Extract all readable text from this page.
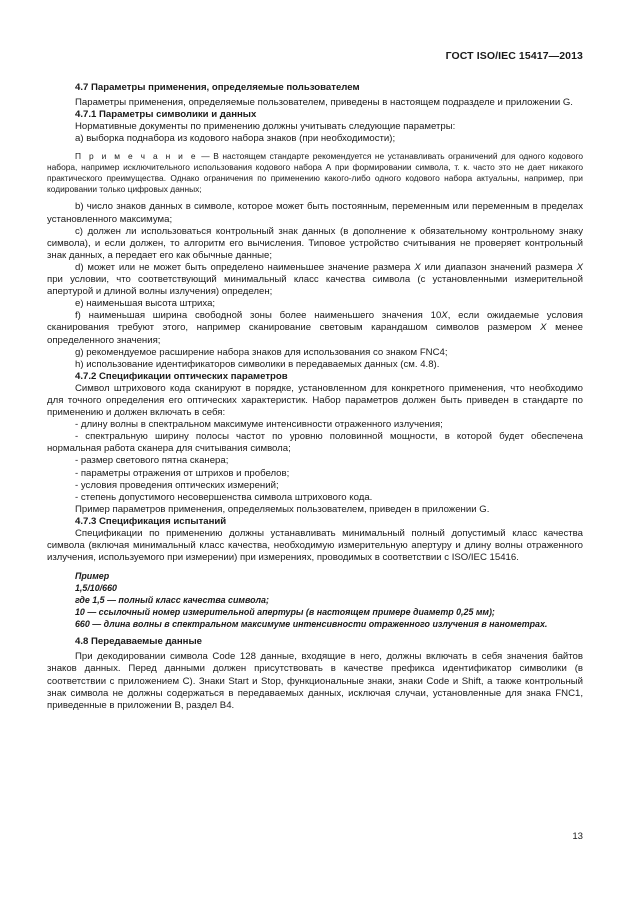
ГОСТ ISO/IEC 15417—2013

4.7 Параметры применения, определяемые пользователем

Параметры применения, определяемые пользователем, приведены в настоящем подразделе и приложении G.

4.7.1 Параметры символики и данных

Нормативные документы по применению должны учитывать следующие параметры:

а) выборка поднабора из кодового набора знаков (при необходимости);

П р и м е ч а н и е — В настоящем стандарте рекомендуется не устанавливать ограничений для одного кодового набора, например исключительного использования кодового набора А при формировании символа, т. к. часто это не дает никакого практического преимущества. Однако ограничения по применению какого-либо одного кодового набора актуальны, например, при кодировании только цифровых данных;

b) число знаков данных в символе, которое может быть постоянным, переменным или переменным в пределах установленного максимума;

с) должен ли использоваться контрольный знак данных (в дополнение к обязательному контрольному знаку символа), и если должен, то алгоритм его вычисления. Типовое устройство считывания не проверяет контрольный знак данных, а передает его как обычные данные;

d) может или не может быть определено наименьшее значение размера X или диапазон значений размера X при условии, что соответствующий минимальный класс качества символа (с установленными измерительной апертурой и длиной волны излучения) определен;

е) наименьшая высота штриха;

f) наименьшая ширина свободной зоны более наименьшего значения 10X, если ожидаемые условия сканирования требуют этого, например сканирование световым карандашом символов размером X менее определенного значения;

g) рекомендуемое расширение набора знаков для использования со знаком FNC4;

h) использование идентификаторов символики в передаваемых данных (см. 4.8).

4.7.2 Спецификации оптических параметров

Символ штрихового кода сканируют в порядке, установленном для конкретного применения, что необходимо для точного определения его оптических характеристик. Набор параметров должен быть приведен в стандарте по применению и должен включать в себя:

- длину волны в спектральном максимуме интенсивности отраженного излучения;

- спектральную ширину полосы частот по уровню половинной мощности, в которой будет обеспечена нормальная работа сканера для считывания символа;

- размер светового пятна сканера;

- параметры отражения от штрихов и пробелов;

- условия проведения оптических измерений;

- степень допустимого несовершенства символа штрихового кода.

Пример параметров применения, определяемых пользователем, приведен в приложении G.

4.7.3 Спецификация испытаний

Спецификации по применению должны устанавливать минимальный полный допустимый класс качества символа (включая минимальный класс качества, необходимую измерительную апертуру и длину волны отраженного излучения, используемого при измерении) при измерениях, проводимых в соответствии с ISO/IEC 15416.

Пример

1,5/10/660

где 1,5 — полный класс качества символа;

10 — ссылочный номер измерительной апертуры (в настоящем примере диаметр 0,25 мм);

660 — длина волны в спектральном максимуме интенсивности отраженного излучения в нанометрах.

4.8 Передаваемые данные

При декодировании символа Code 128 данные, входящие в него, должны включать в себя значения байтов знаков данных. Перед данными должен присутствовать в качестве префикса идентификатор символики (в соответствии с приложением С). Знаки Start и Stop, функциональные знаки, знаки Code и Shift, а также контрольный знак символа не должны содержаться в передаваемых данных, исключая случаи, установленные для знака FNC1, приведенные в приложении В, раздел В4.

13
